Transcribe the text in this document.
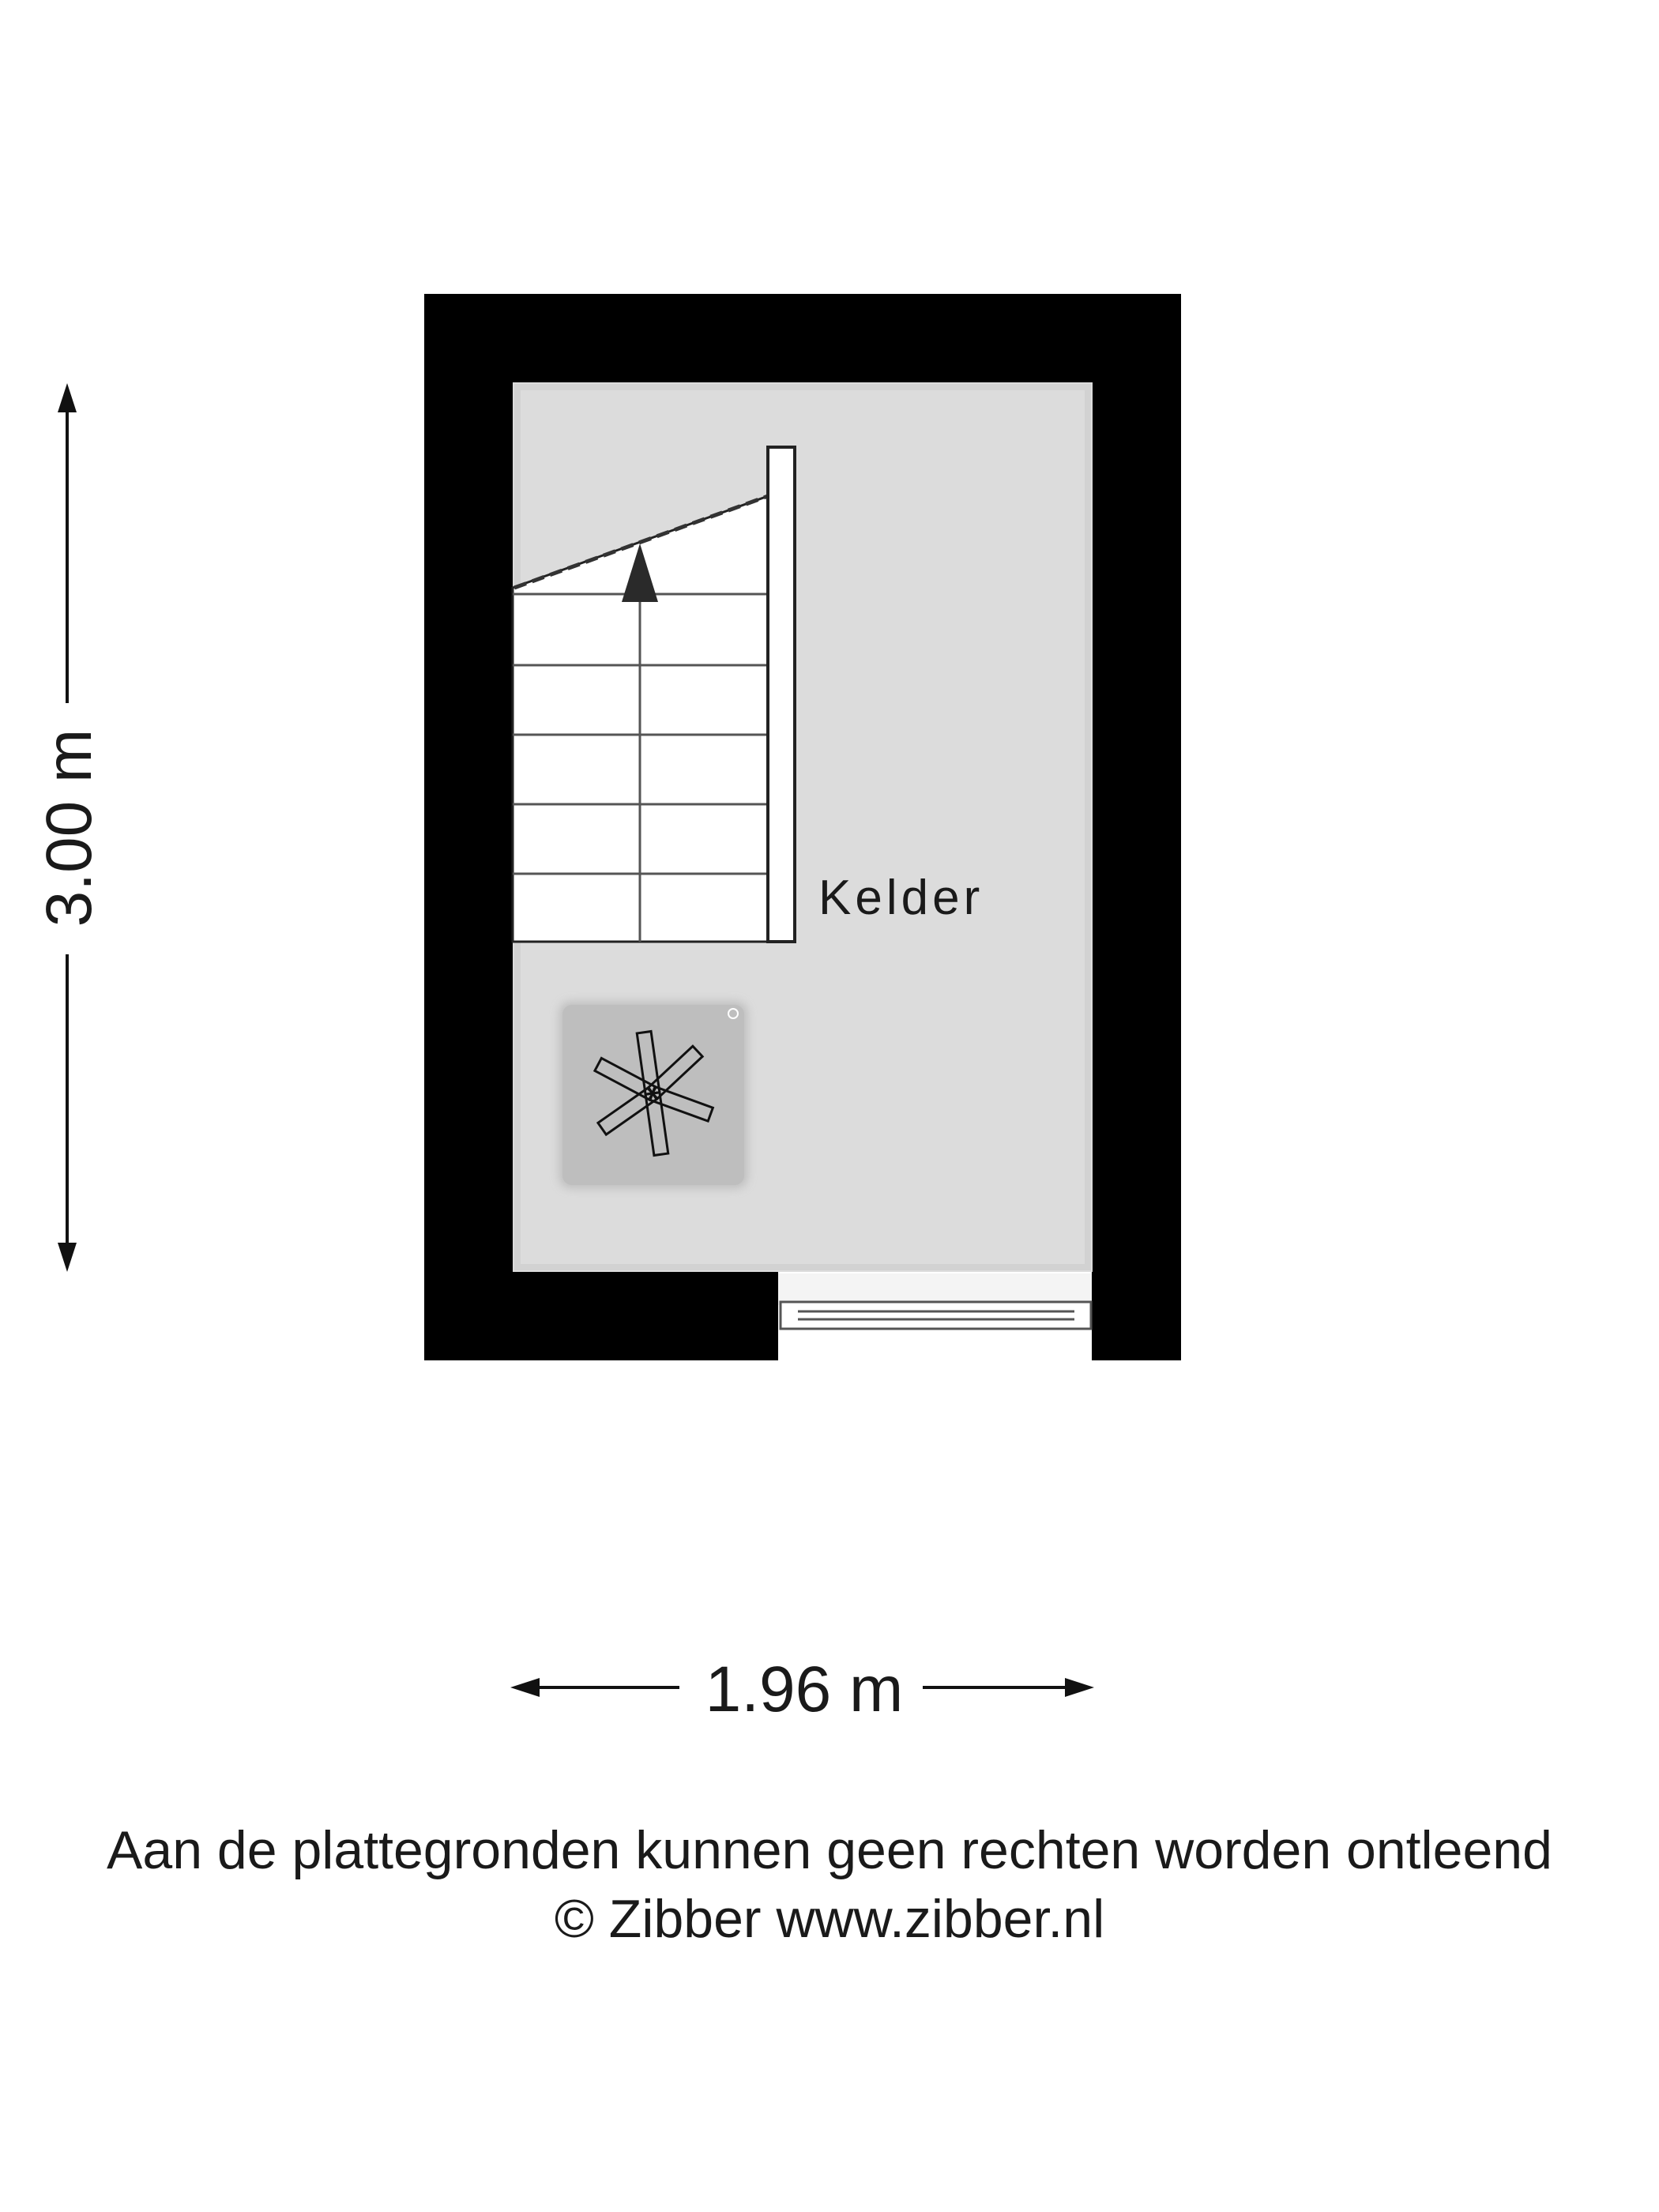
Kelder
3.00 m
1.96 m
Aan de plattegronden kunnen geen rechten worden ontleend
© Zibber www.zibber.nl
